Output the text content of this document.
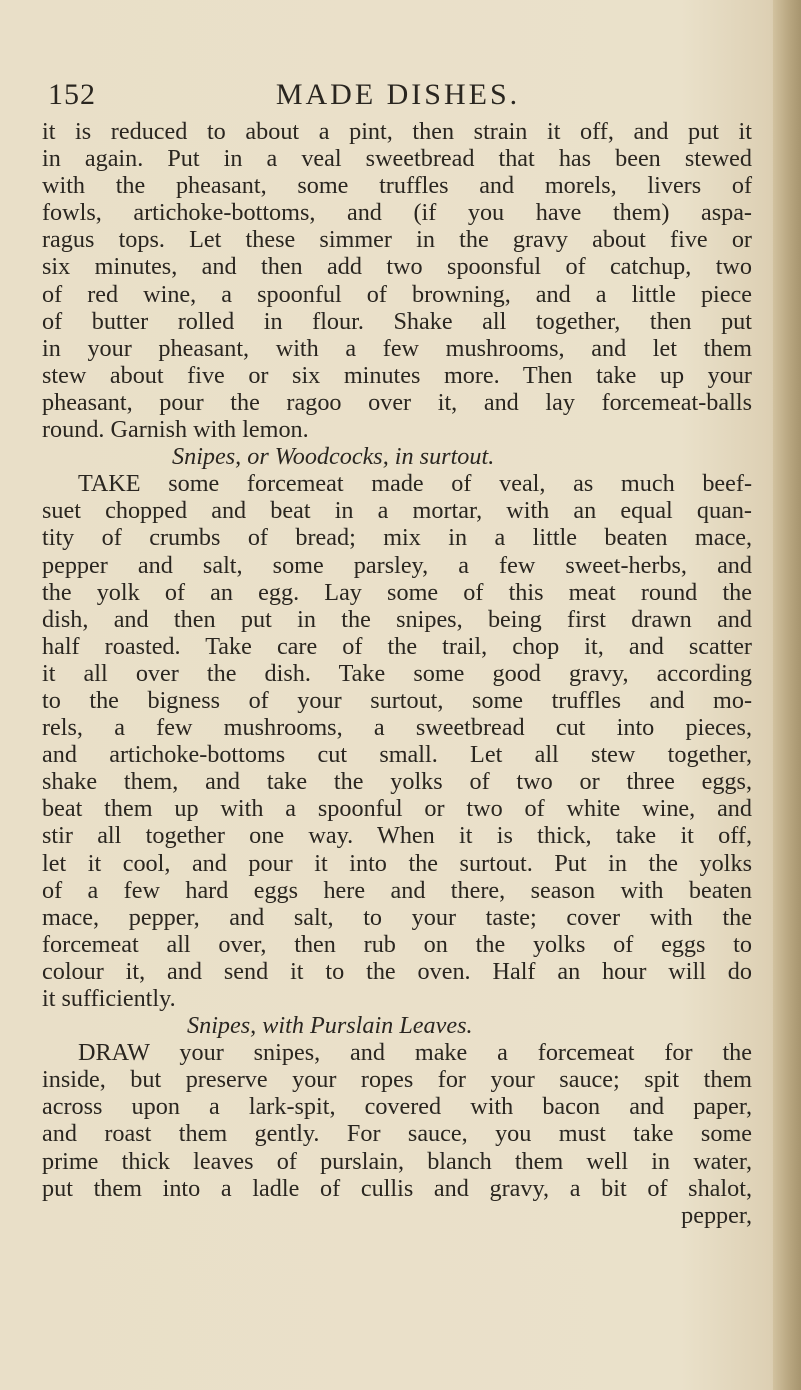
152	MADE DISHES.
it is reduced to about a pint, then strain it off, and put it
in again. Put in a veal sweetbread that has been stewed
with the pheasant, some truffles and morels, livers of
fowls, artichoke-bottoms, and (if you have them) aspa-
ragus tops. Let these simmer in the gravy about five or
six minutes, and then add two spoonsful of catchup, two
of red wine, a spoonful of browning, and a little piece
of butter rolled in flour. Shake all together, then put
in your pheasant, with a few mushrooms, and let them
stew about five or six minutes more. Then take up your
pheasant, pour the ragoo over it, and lay forcemeat-balls
round. Garnish with lemon.
Snipes, or Woodcocks, in surtout.
TAKE some forcemeat made of veal, as much beef-
suet chopped and beat in a mortar, with an equal quan-
tity of crumbs of bread; mix in a little beaten mace,
pepper and salt, some parsley, a few sweet-herbs, and
the yolk of an egg. Lay some of this meat round the
dish, and then put in the snipes, being first drawn and
half roasted. Take care of the trail, chop it, and scatter
it all over the dish. Take some good gravy, according
to the bigness of your surtout, some truffles and mo-
rels, a few mushrooms, a sweetbread cut into pieces,
and artichoke-bottoms cut small. Let all stew together,
shake them, and take the yolks of two or three eggs,
beat them up with a spoonful or two of white wine, and
stir all together one way. When it is thick, take it off,
let it cool, and pour it into the surtout. Put in the yolks
of a few hard eggs here and there, season with beaten
mace, pepper, and salt, to your taste; cover with the
forcemeat all over, then rub on the yolks of eggs to
colour it, and send it to the oven. Half an hour will do
it sufficiently.
Snipes, with Purslain Leaves.
DRAW your snipes, and make a forcemeat for the
inside, but preserve your ropes for your sauce; spit them
across upon a lark-spit, covered with bacon and paper,
and roast them gently. For sauce, you must take some
prime thick leaves of purslain, blanch them well in water,
put them into a ladle of cullis and gravy, a bit of shalot,
pepper,
